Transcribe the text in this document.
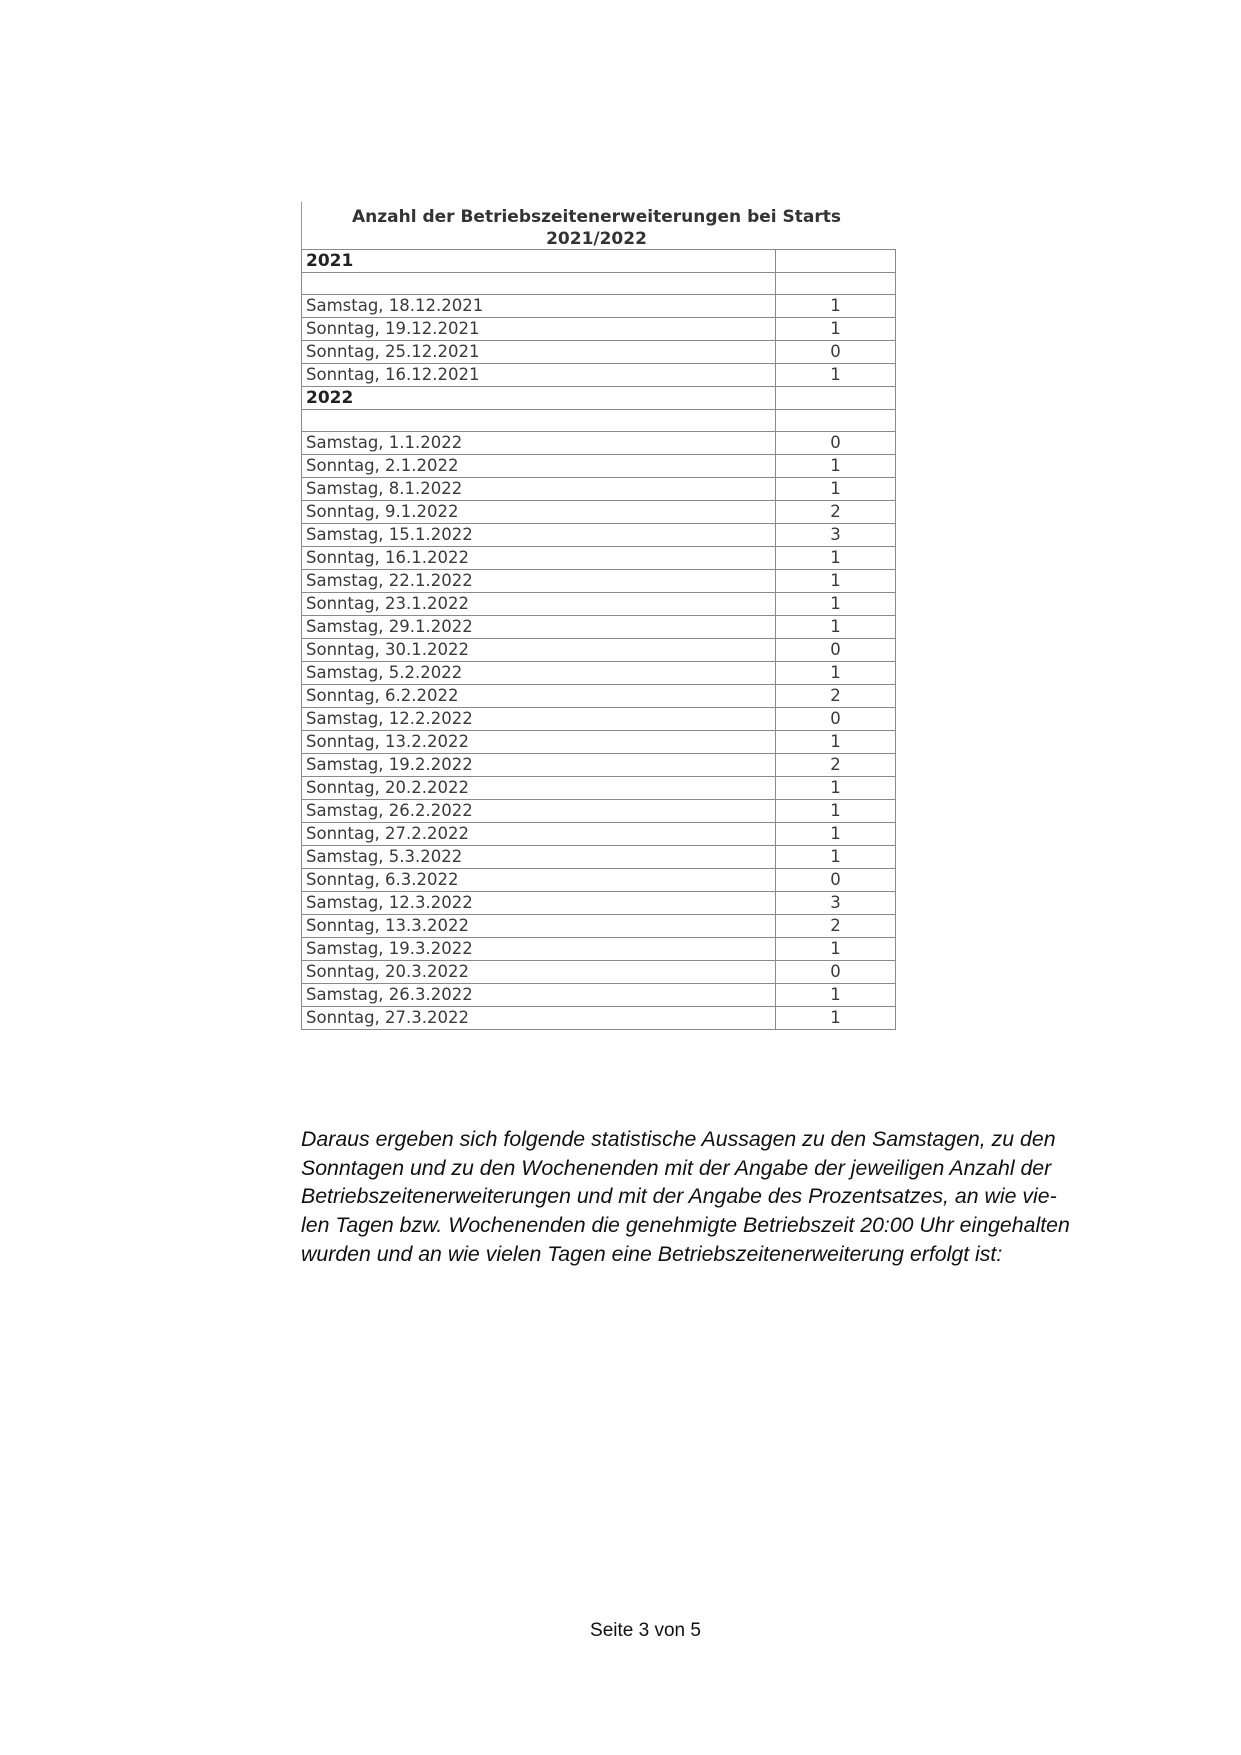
Anzahl der Betriebszeitenerweiterungen bei Starts
2021/2022
2021	

Samstag, 18.12.2021	1
Sonntag, 19.12.2021	1
Sonntag, 25.12.2021	0
Sonntag, 16.12.2021	1
2022	

Samstag, 1.1.2022	0
Sonntag, 2.1.2022	1
Samstag, 8.1.2022	1
Sonntag, 9.1.2022	2
Samstag, 15.1.2022	3
Sonntag, 16.1.2022	1
Samstag, 22.1.2022	1
Sonntag, 23.1.2022	1
Samstag, 29.1.2022	1
Sonntag, 30.1.2022	0
Samstag, 5.2.2022	1
Sonntag, 6.2.2022	2
Samstag, 12.2.2022	0
Sonntag, 13.2.2022	1
Samstag, 19.2.2022	2
Sonntag, 20.2.2022	1
Samstag, 26.2.2022	1
Sonntag, 27.2.2022	1
Samstag, 5.3.2022	1
Sonntag, 6.3.2022	0
Samstag, 12.3.2022	3
Sonntag, 13.3.2022	2
Samstag, 19.3.2022	1
Sonntag, 20.3.2022	0
Samstag, 26.3.2022	1
Sonntag, 27.3.2022	1
Daraus ergeben sich folgende statistische Aussagen zu den Samstagen, zu den
Sonntagen und zu den Wochenenden mit der Angabe der jeweiligen Anzahl der
Betriebszeitenerweiterungen und mit der Angabe des Prozentsatzes, an wie vie-
len Tagen bzw. Wochenenden die genehmigte Betriebszeit 20:00 Uhr eingehalten
wurden und an wie vielen Tagen eine Betriebszeitenerweiterung erfolgt ist:
Seite 3 von 5
